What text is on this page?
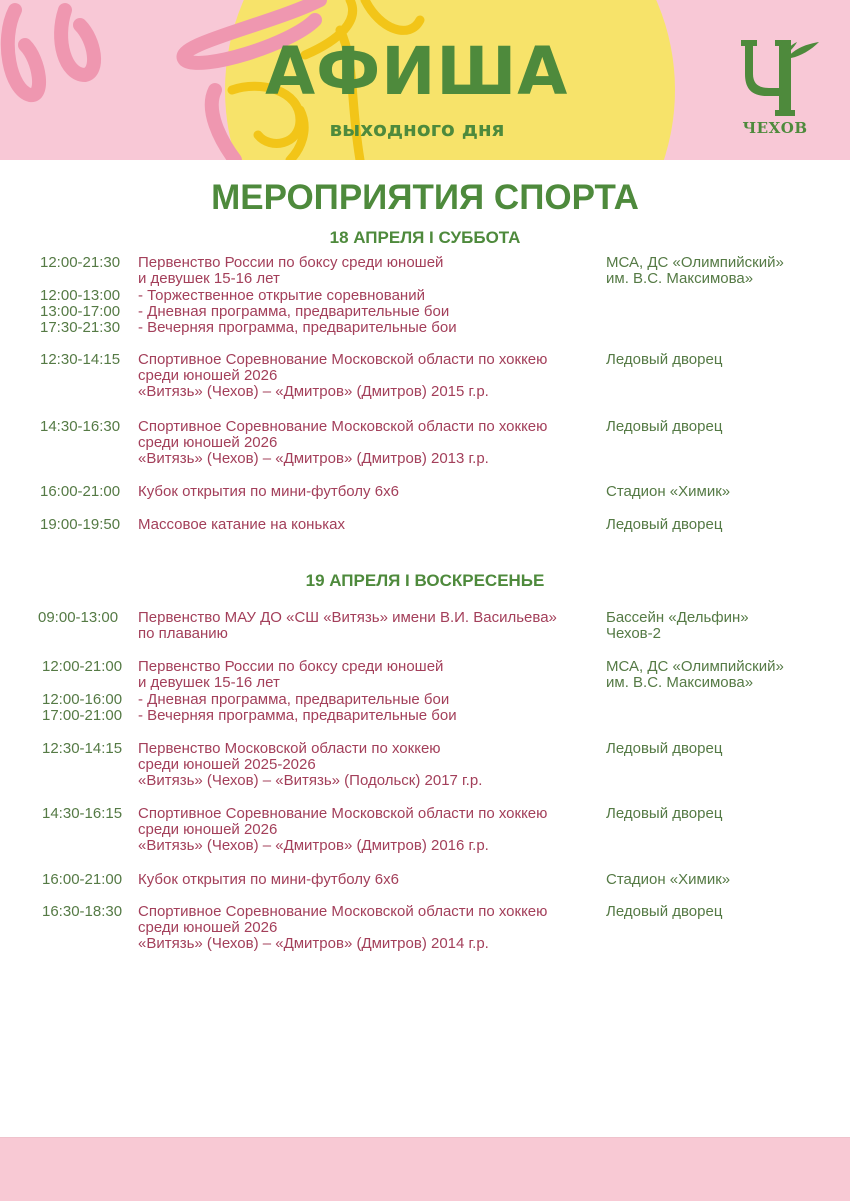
АФИША
выходного дня	ЧЕХОВ
МЕРОПРИЯТИЯ СПОРТА
18 АПРЕЛЯ I СУББОТА
12:00-21:30 Первенство России по боксу среди юношей
и девушек 15-16 лет
МСА, ДС «Олимпийский»
им. В.С. Максимова»
12:00-13:00 - Торжественное открытие соревнований
13:00-17:00 - Дневная программа, предварительные бои
17:30-21:30 - Вечерняя программа, предварительные бои
12:30-14:15 Спортивное Соревнование Московской области по хоккею
среди юношей 2026
«Витязь» (Чехов) – «Дмитров» (Дмитров) 2015 г.р.
Ледовый дворец
14:30-16:30 Спортивное Соревнование Московской области по хоккею
среди юношей 2026
«Витязь» (Чехов) – «Дмитров» (Дмитров) 2013 г.р.
Ледовый дворец
16:00-21:00 Кубок открытия по мини-футболу 6х6	Стадион «Химик»
19:00-19:50 Массовое катание на коньках	Ледовый дворец
19 АПРЕЛЯ I ВОСКРЕСЕНЬЕ
09:00-13:00 Первенство МАУ ДО «СШ «Витязь» имени В.И. Васильева»
по плаванию
Бассейн «Дельфин»
Чехов-2
12:00-21:00 Первенство России по боксу среди юношей
и девушек 15-16 лет
МСА, ДС «Олимпийский»
им. В.С. Максимова»
12:00-16:00 - Дневная программа, предварительные бои
17:00-21:00 - Вечерняя программа, предварительные бои
12:30-14:15 Первенство Московской области по хоккею
среди юношей 2025-2026
«Витязь» (Чехов) – «Витязь» (Подольск) 2017 г.р.
Ледовый дворец
14:30-16:15 Спортивное Соревнование Московской области по хоккею
среди юношей 2026
«Витязь» (Чехов) – «Дмитров» (Дмитров) 2016 г.р.
Ледовый дворец
16:00-21:00 Кубок открытия по мини-футболу 6х6	Стадион «Химик»
16:30-18:30 Спортивное Соревнование Московской области по хоккею
среди юношей 2026
«Витязь» (Чехов) – «Дмитров» (Дмитров) 2014 г.р.
Ледовый дворец
